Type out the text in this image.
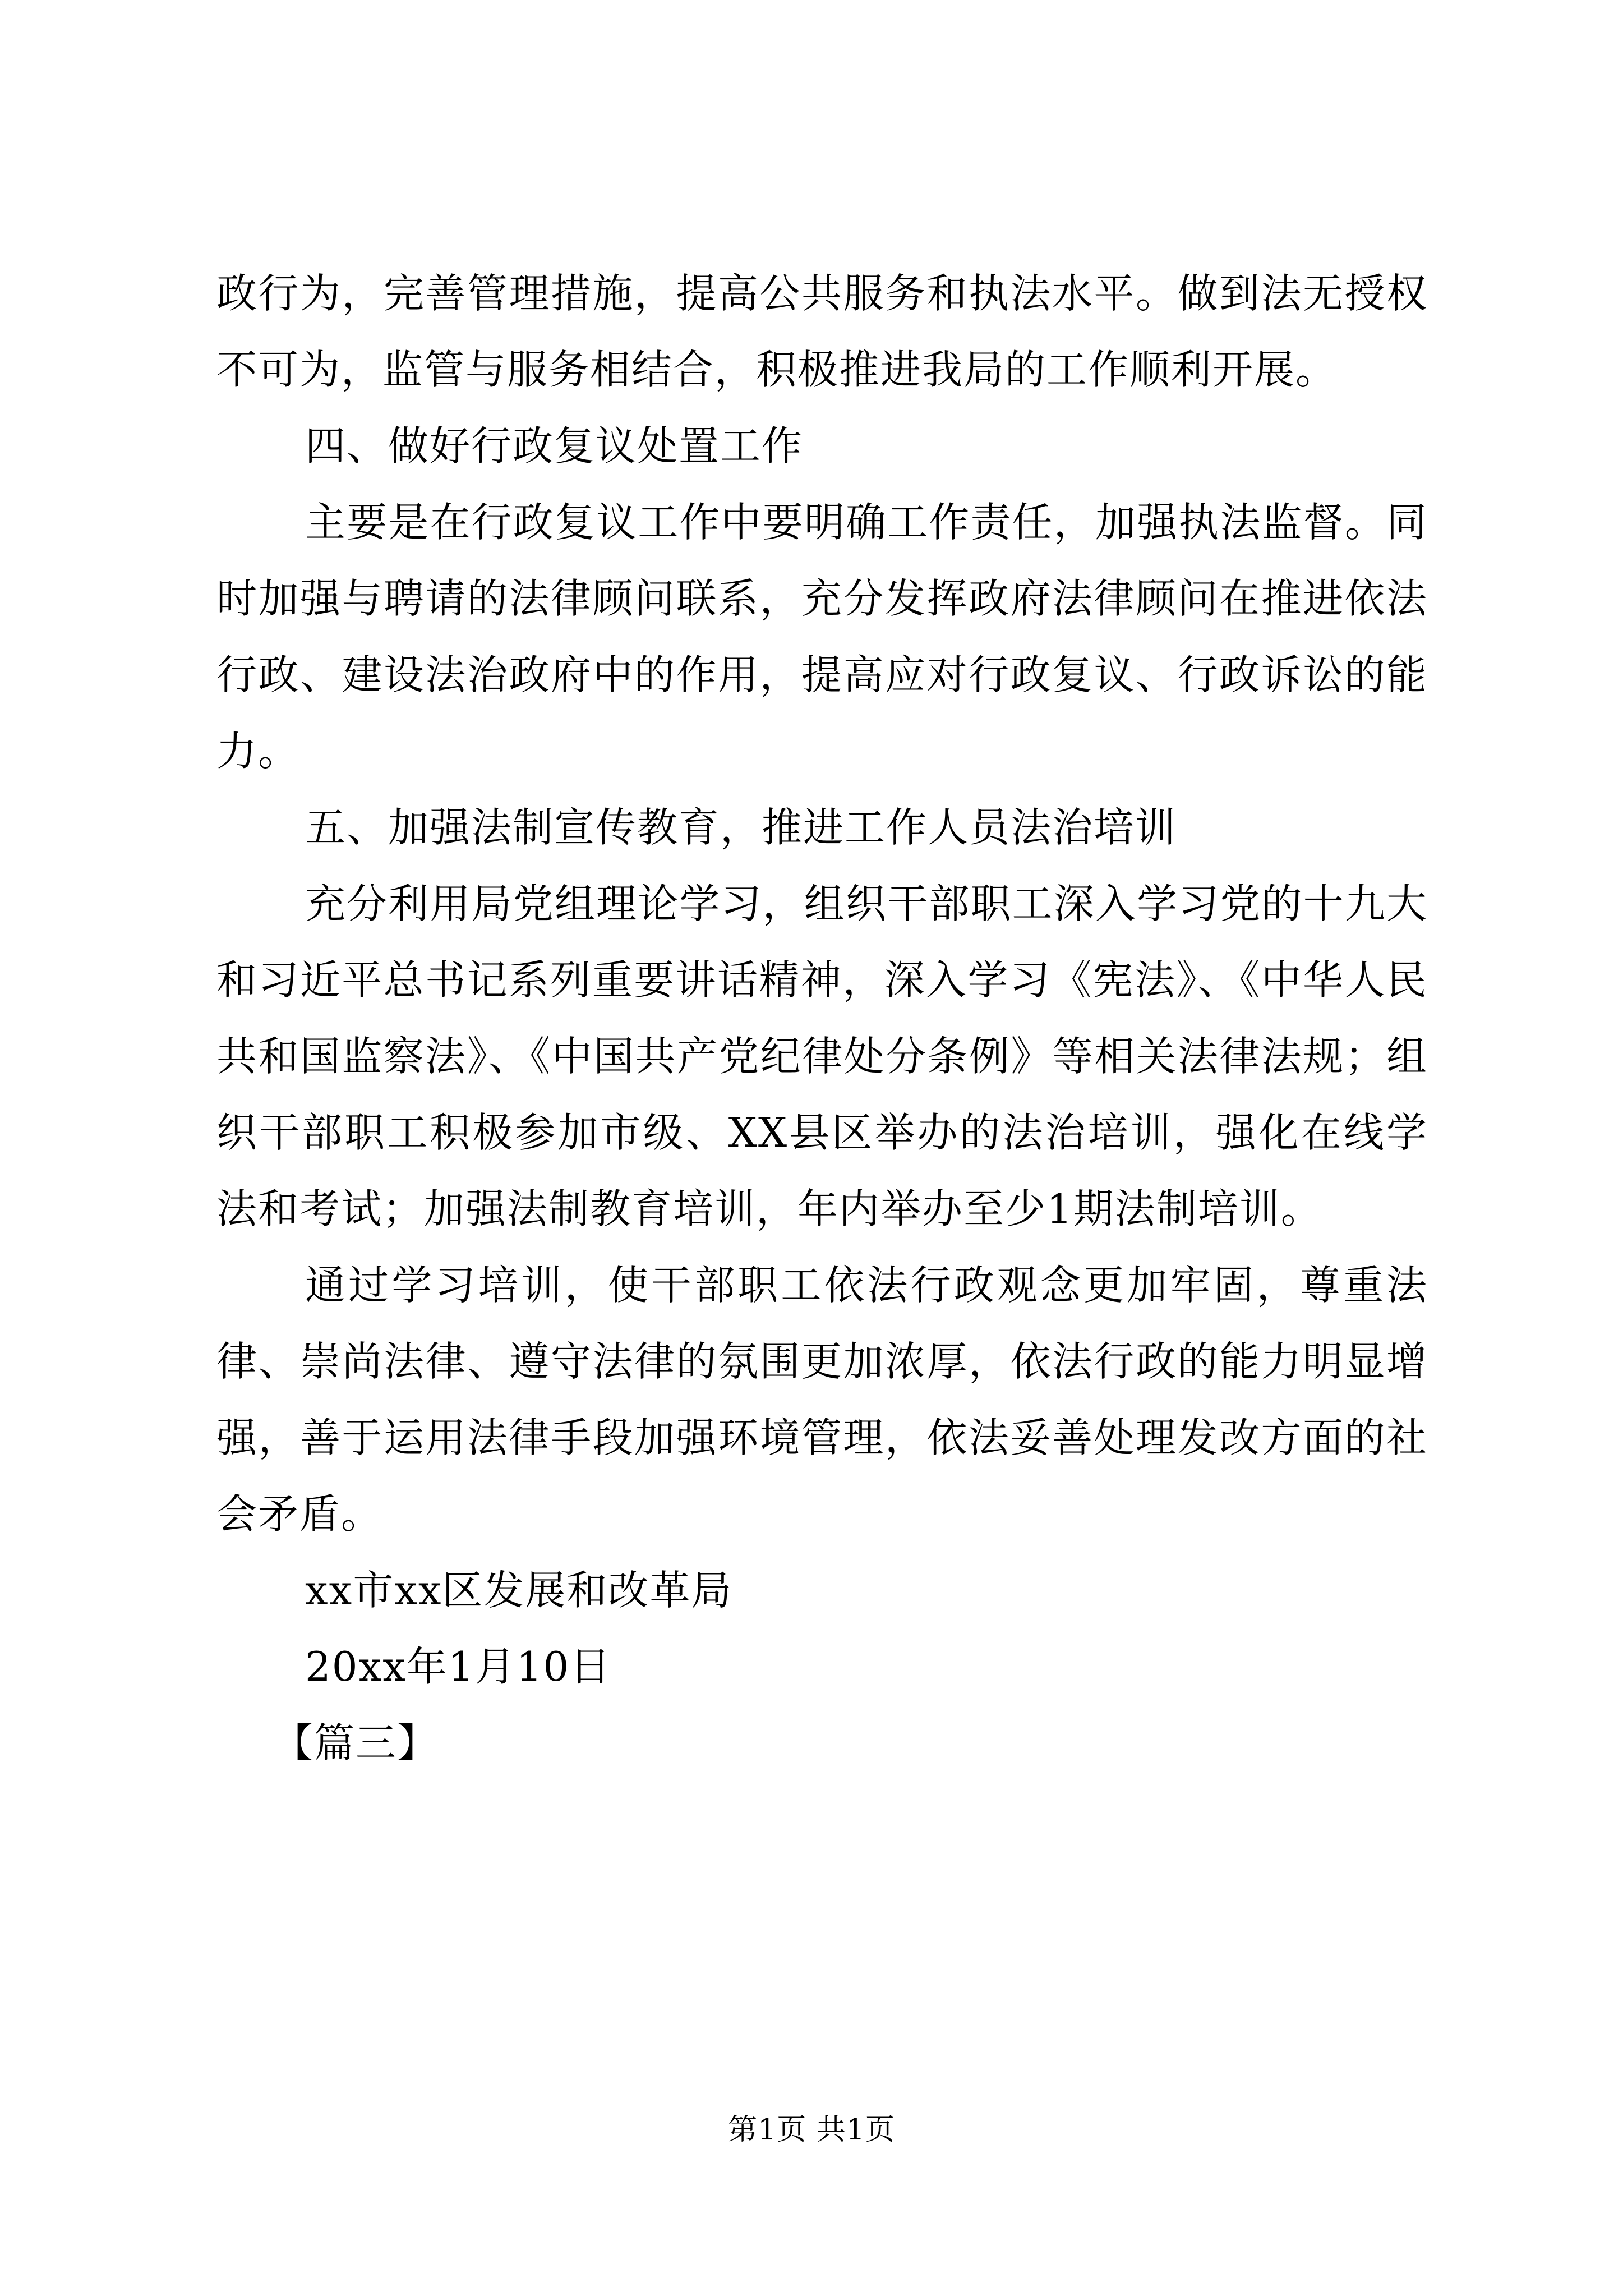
政行为，完善管理措施，提高公共服务和执法水平。做到法无授权不可为，监管与服务相结合，积极推进我局的工作顺利开展。

四、做好行政复议处置工作

主要是在行政复议工作中要明确工作责任，加强执法监督。同时加强与聘请的法律顾问联系，充分发挥政府法律顾问在推进依法行政、建设法治政府中的作用，提高应对行政复议、行政诉讼的能力。

五、加强法制宣传教育，推进工作人员法治培训

充分利用局党组理论学习，组织干部职工深入学习党的十九大和习近平总书记系列重要讲话精神，深入学习《宪法》、《中华人民共和国监察法》、《中国共产党纪律处分条例》等相关法律法规；组织干部职工积极参加市级、XX县区举办的法治培训，强化在线学法和考试；加强法制教育培训，年内举办至少1期法制培训。

通过学习培训，使干部职工依法行政观念更加牢固，尊重法律、崇尚法律、遵守法律的氛围更加浓厚，依法行政的能力明显增强，善于运用法律手段加强环境管理，依法妥善处理发改方面的社会矛盾。

xx市xx区发展和改革局

20xx年1月10日

【篇三】

第1页 共1页
